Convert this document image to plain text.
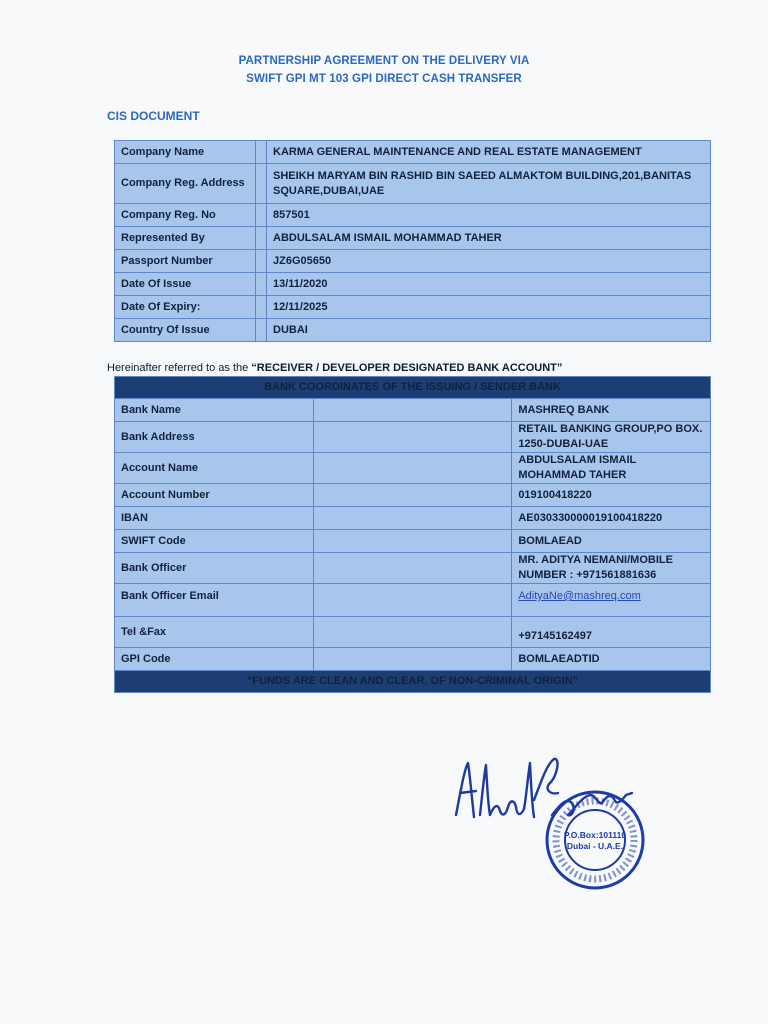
PARTNERSHIP AGREEMENT ON THE DELIVERY VIA
SWIFT GPI MT 103 GPI DIRECT CASH TRANSFER
CIS DOCUMENT
Company Name		KARMA GENERAL MAINTENANCE AND REAL ESTATE MANAGEMENT
Company Reg. Address		SHEIKH MARYAM BIN RASHID BIN SAEED ALMAKTOM BUILDING,201,BANITAS SQUARE,DUBAI,UAE
Company Reg. No		857501
Represented By		ABDULSALAM ISMAIL MOHAMMAD TAHER
Passport Number		JZ6G05650
Date Of Issue		13/11/2020
Date Of Expiry:		12/11/2025
Country Of Issue		DUBAI
Hereinafter referred to as the “RECEIVER / DEVELOPER DESIGNATED BANK ACCOUNT”
BANK COORDINATES OF THE ISSUING / SENDER BANK		
Bank Name		MASHREQ BANK
Bank Address		RETAIL BANKING GROUP,PO BOX. 1250-DUBAI-UAE
Account Name		ABDULSALAM ISMAIL MOHAMMAD TAHER
Account Number		019100418220
IBAN		AE030330000019100418220
SWIFT Code		BOMLAEAD
Bank Officer		MR. ADITYA NEMANI/MOBILE NUMBER : +971561881636
Bank Officer Email		AdityaNe@mashreq.com
Tel &Fax		+97145162497
GPI Code		BOMLAEADTID
“FUNDS ARE CLEAN AND CLEAR, OF NON-CRIMINAL ORIGIN”		
P.O.Box:101110
Dubai - U.A.E.
